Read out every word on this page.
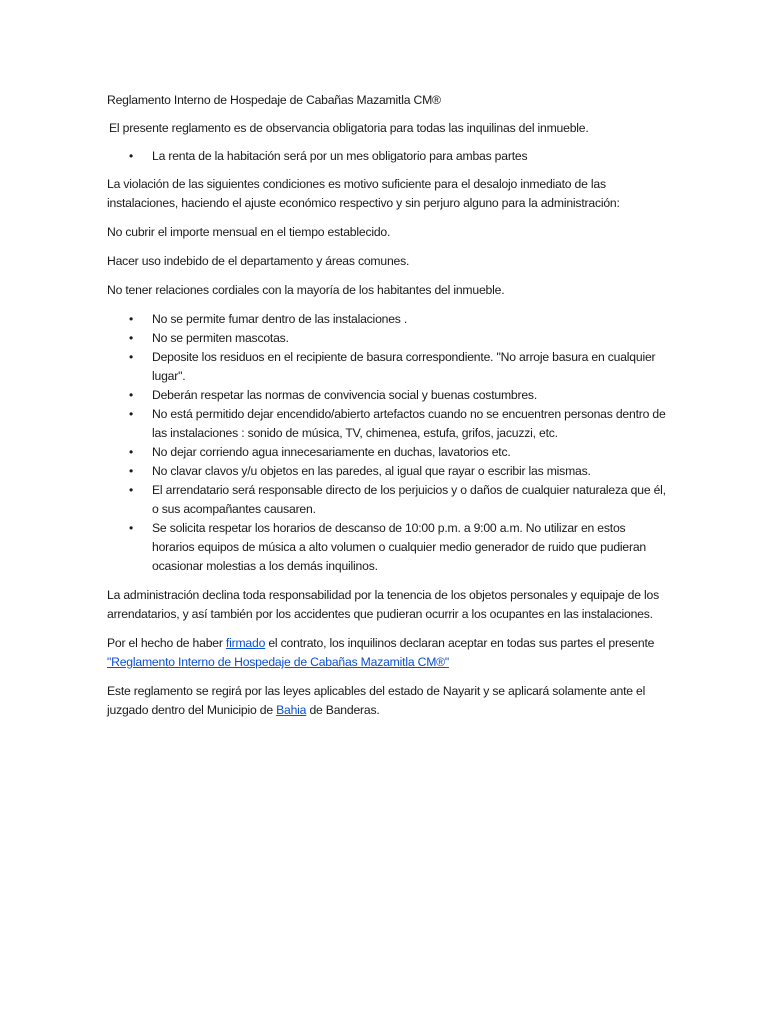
Reglamento Interno de Hospedaje de Cabañas Mazamitla CM®

El presente reglamento es de observancia obligatoria para todas las inquilinas del inmueble.

• La renta de la habitación será por un mes obligatorio para ambas partes

La violación de las siguientes condiciones es motivo suficiente para el desalojo inmediato de las instalaciones, haciendo el ajuste económico respectivo y sin perjuro alguno para la administración:

No cubrir el importe mensual en el tiempo establecido.

Hacer uso indebido de el departamento y áreas comunes.

No tener relaciones cordiales con la mayoría de los habitantes del inmueble.

• No se permite fumar dentro de las instalaciones .
• No se permiten mascotas.
• Deposite los residuos en el recipiente de basura correspondiente. "No arroje basura en cualquier lugar".
• Deberán respetar las normas de convivencia social y buenas costumbres.
• No está permitido dejar encendido/abierto artefactos cuando no se encuentren personas dentro de las instalaciones : sonido de música, TV, chimenea, estufa, grifos, jacuzzi, etc.
• No dejar corriendo agua innecesariamente en duchas, lavatorios etc.
• No clavar clavos y/u objetos en las paredes, al igual que rayar o escribir las mismas.
• El arrendatario será responsable directo de los perjuicios y o daños de cualquier naturaleza que él, o sus acompañantes causaren.
• Se solicita respetar los horarios de descanso de 10:00 p.m. a 9:00 a.m. No utilizar en estos horarios equipos de música a alto volumen o cualquier medio generador de ruido que pudieran ocasionar molestias a los demás inquilinos.

La administración declina toda responsabilidad por la tenencia de los objetos personales y equipaje de los arrendatarios, y así también por los accidentes que pudieran ocurrir a los ocupantes en las instalaciones.

Por el hecho de haber firmado el contrato, los inquilinos declaran aceptar en todas sus partes el presente "Reglamento Interno de Hospedaje de Cabañas Mazamitla CM®"

Este reglamento se regirá por las leyes aplicables del estado de Nayarit y se aplicará solamente ante el juzgado dentro del Municipio de Bahia de Banderas.
